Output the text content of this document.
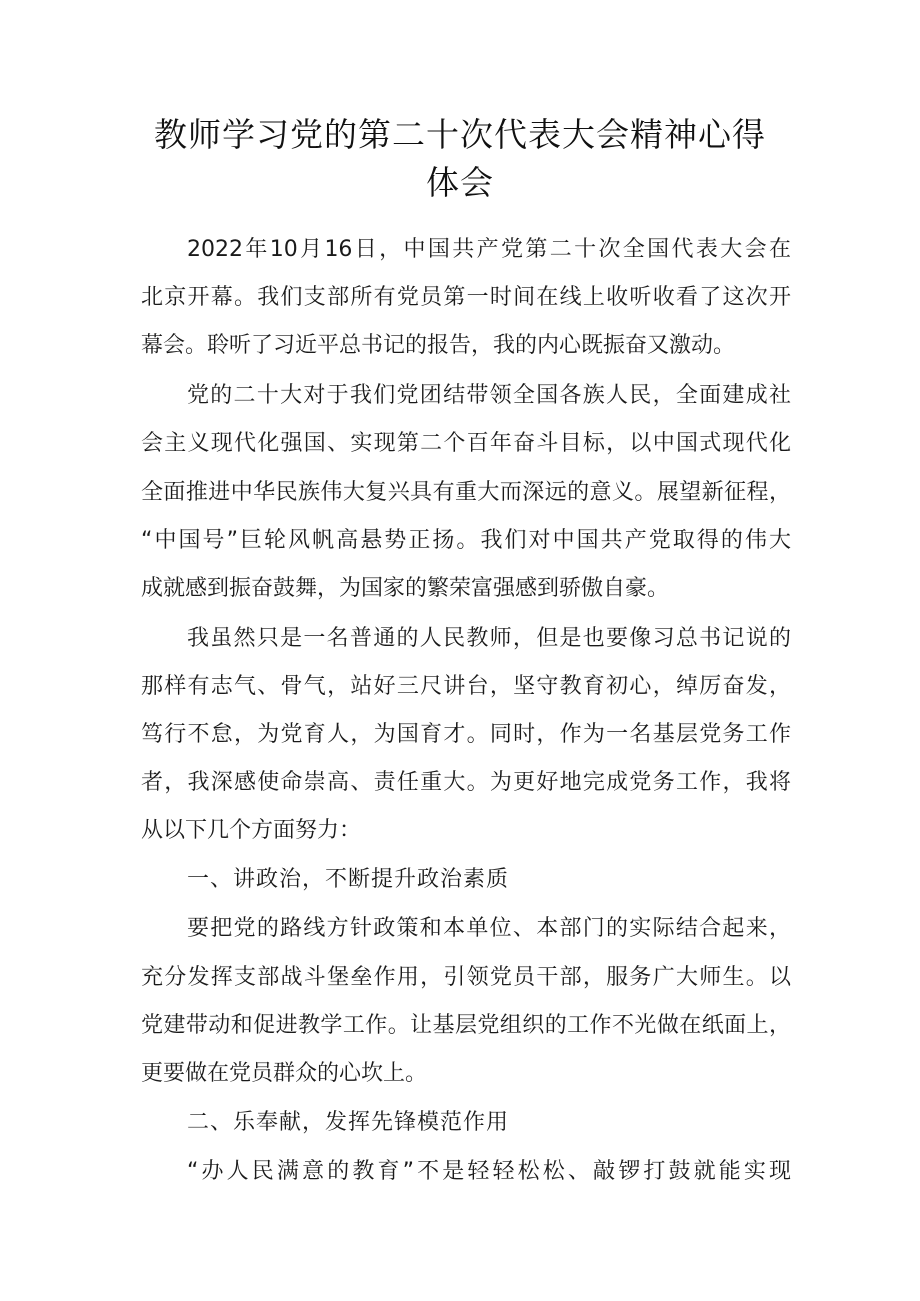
教师学习党的第二十次代表大会精神心得
体会

2022年10月16日，中国共产党第二十次全国代表大会在

北京开幕。我们支部所有党员第一时间在线上收听收看了这次开

幕会。聆听了习近平总书记的报告，我的内心既振奋又激动。

党的二十大对于我们党团结带领全国各族人民，全面建成社

会主义现代化强国、实现第二个百年奋斗目标，以中国式现代化

全面推进中华民族伟大复兴具有重大而深远的意义。展望新征程，

“中国号”巨轮风帆高悬势正扬。我们对中国共产党取得的伟大

成就感到振奋鼓舞，为国家的繁荣富强感到骄傲自豪。

我虽然只是一名普通的人民教师，但是也要像习总书记说的

那样有志气、骨气，站好三尺讲台，坚守教育初心，绰厉奋发，

笃行不怠，为党育人，为国育才。同时，作为一名基层党务工作

者，我深感使命崇高、责任重大。为更好地完成党务工作，我将

从以下几个方面努力：

一、讲政治，不断提升政治素质

要把党的路线方针政策和本单位、本部门的实际结合起来，

充分发挥支部战斗堡垒作用，引领党员干部，服务广大师生。以

党建带动和促进教学工作。让基层党组织的工作不光做在纸面上，

更要做在党员群众的心坎上。

二、乐奉献，发挥先锋模范作用

“办人民满意的教育”不是轻轻松松、敲锣打鼓就能实现
